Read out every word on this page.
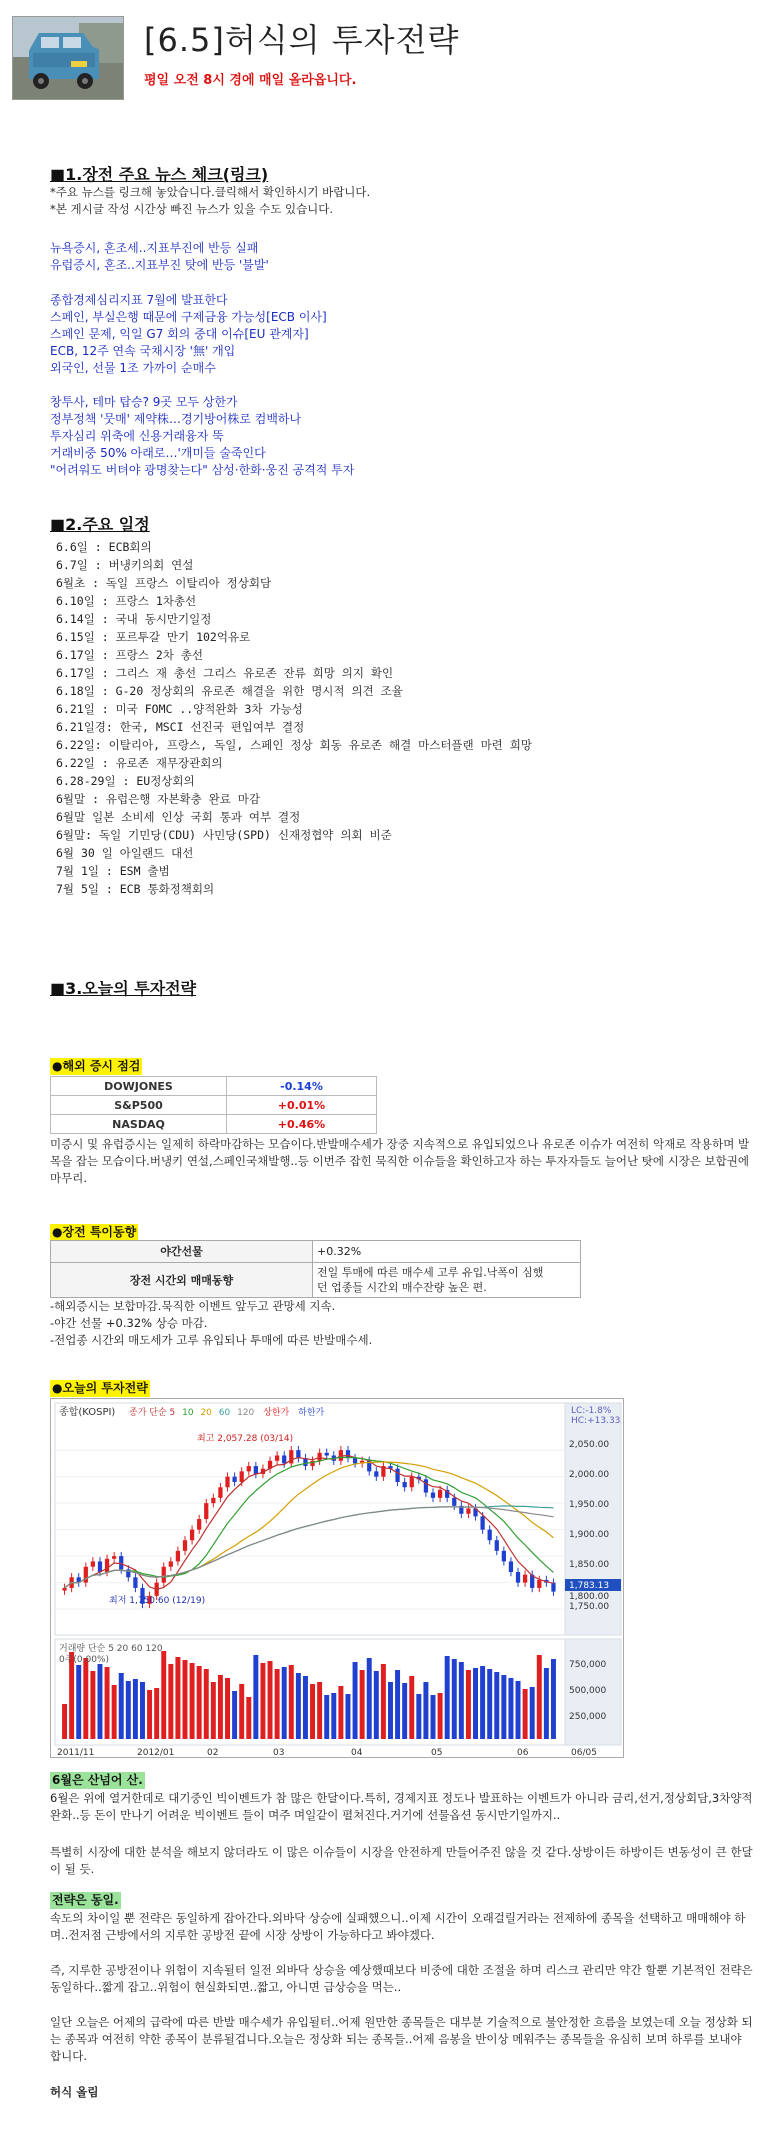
[6.5]허식의 투자전략
평일 오전 8시 경에 매일 올라옵니다.
■1.장전 주요 뉴스 체크(링크)
*주요 뉴스를 링크해 놓았습니다.클릭해서 확인하시기 바랍니다.
*본 게시글 작성 시간상 빠진 뉴스가 있을 수도 있습니다.
뉴욕증시, 혼조세..지표부진에 반등 실패
유럽증시, 혼조..지표부진 탓에 반등 '불발'
종합경제심리지표 7월에 발표한다
스페인, 부실은행 때문에 구제금융 가능성[ECB 이사]
스페인 문제, 익일 G7 회의 중대 이슈[EU 관계자]
ECB, 12주 연속 국채시장 '無' 개입
외국인, 선물 1조 가까이 순매수
창투사, 테마 탑승? 9곳 모두 상한가
정부정책 '뭇매' 제약株…경기방어株로 컴백하나
투자심리 위축에 신용거래융자 뚝
거래비중 50% 아래로…'개미들 술죽인다
"어려워도 버텨야 광명찾는다" 삼성·한화·웅진 공격적 투자
■2.주요 일정
6.6일 : ECB회의
6.7일 : 버냉키의회 연설
6월초 : 독일 프랑스 이탈리아 정상회담
6.10일 : 프랑스 1차총선
6.14일 : 국내 동시만기일정
6.15일 : 포르투갈 만기 102억유로
6.17일 : 프랑스 2차 총선
6.17일 : 그리스 재 총선 그리스 유로존 잔류 희망 의지 확인
6.18일 : G-20 정상회의 유로존 해결을 위한 명시적 의견 조율
6.21일 : 미국 FOMC ..양적완화 3차 가능성
6.21일경: 한국, MSCI 선진국 편입여부 결정
6.22일: 이탈리아, 프랑스, 독일, 스페인 정상 회동 유로존 해결 마스터플랜 마련 희망
6.22일 : 유로존 재무장관회의
6.28-29일 : EU정상회의
6월말 : 유럽은행 자본확충 완료 마감
6월말 일본 소비세 인상 국회 통과 여부 결정
6월말: 독일 기민당(CDU) 사민당(SPD) 신재정협약 의회 비준
6월 30 일 아일랜드 대선
7월 1일 : ESM 출범
7월 5일 : ECB 통화정책회의
■3.오늘의 투자전략
●해외 증시 점검
DOWJONES	-0.14%
S&P500	+0.01%
NASDAQ	+0.46%
미증시 및 유럽증시는 일제히 하락마감하는 모습이다.반발매수세가 장중 지속적으로 유입되었으나 유로존 이슈가 여전히 악재로 작용하며 발목을 잡는 모습이다.버냉키 연설,스페인국채발행..등 이번주 잡힌 묵직한 이슈들을 확인하고자 하는 투자자들도 늘어난 탓에 시장은 보합권에 마무리.
●장전 특이동향
야간선물	+0.32%
장전 시간외 매매동향	전일 투매에 따른 매수세 고루 유입.낙폭이 심했
던 업종들 시간외 매수잔량 높은 편.
-해외증시는 보합마감.묵직한 이벤트 앞두고 관망세 지속.
-야간 선물 +0.32% 상승 마감.
-전업종 시간외 매도세가 고루 유입되나 투매에 따른 반발매수세.
●오늘의 투자전략
종합(KOSPI) 종가 단순 5 10 20 60 120 상한가 하한가	LC:-1.8%
HC:+13.33
최고 2,057.28 (03/14)
최저 1,750.60 (12/19)
1,783.13
2,050.00
2,000.00
1,950.00
1,900.00
1,850.00
1,800.00
1,750.00
거래량 단순 5 20 60 120
0주(0.00%)	750,000
500,000
250,000
2011/11	2012/01	02	03	04	05	06	06/05
6월은 산넘어 산.
6월은 위에 열거한데로 대기중인 빅이벤트가 참 많은 한달이다.특히, 경제지표 정도나 발표하는 이벤트가 아니라 금리,선거,정상회담,3차양적완화..등 돈이 만나기 어려운 빅이벤트 들이 며주 며일같이 펼쳐진다.거기에 선물옵션 동시만기일까지..
특별히 시장에 대한 분석을 해보지 않더라도 이 많은 이슈들이 시장을 안전하게 만들어주진 않을 것 같다.상방이든 하방이든 변동성이 큰 한달이 될 듯.
전략은 동일.
속도의 차이일 뿐 전략은 동일하게 잡아간다.외바닥 상승에 실패했으니..이제 시간이 오래걸릴거라는 전제하에 종목을 선택하고 매매해야 하며..전저점 근방에서의 지루한 공방전 끝에 시장 상방이 가능하다고 봐야겠다.
즉, 지루한 공방전이나 위험이 지속될터 일전 외바닥 상승을 예상했때보다 비중에 대한 조절을 하며 리스크 관리만 약간 할뿐 기본적인 전략은 동일하다..짧게 잡고..위험이 현실화되면..짧고, 아니면 급상승을 먹는..
일단 오늘은 어제의 급락에 따른 반발 매수세가 유입될터..어제 원만한 종목들은 대부분 기술적으로 불안정한 흐름을 보였는데 오늘 정상화 되는 종목과 여전히 약한 종목이 분류될겁니다.오늘은 정상화 되는 종목들..어제 음봉을 반이상 메워주는 종목들을 유심히 보며 하루를 보내야 합니다.
허식 올림
